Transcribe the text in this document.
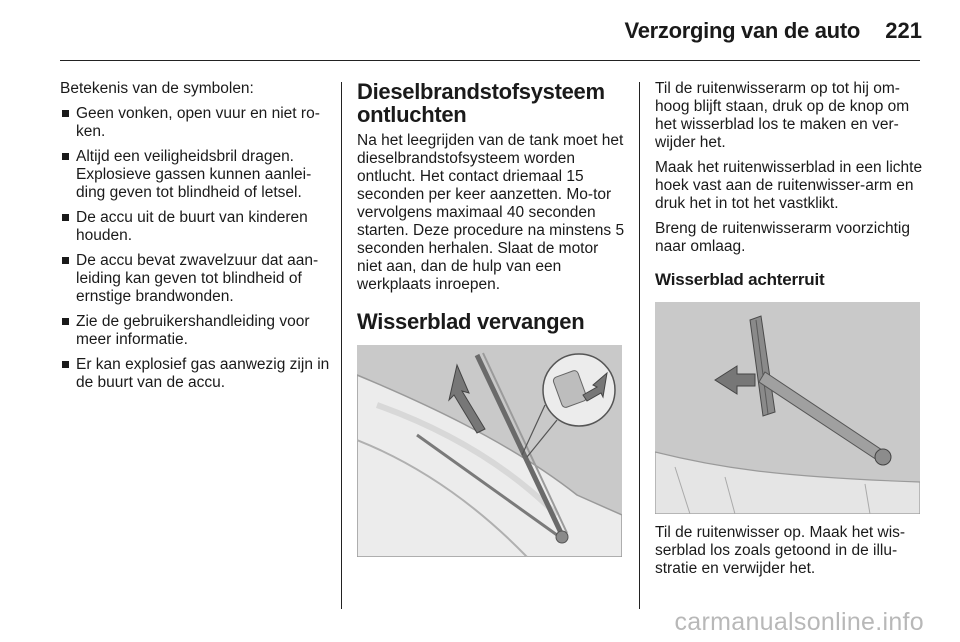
Verzorging van de auto	221

Betekenis van de symbolen:

Geen vonken, open vuur en niet ro-ken.
Altijd een veiligheidsbril dragen. Explosieve gassen kunnen aanlei-ding geven tot blindheid of letsel.
De accu uit de buurt van kinderen houden.
De accu bevat zwavelzuur dat aan-leiding kan geven tot blindheid of ernstige brandwonden.
Zie de gebruikershandleiding voor meer informatie.
Er kan explosief gas aanwezig zijn in de buurt van de accu.
Dieselbrandstofsysteem ontluchten

Na het leegrijden van de tank moet het dieselbrandstofsysteem worden ontlucht. Het contact driemaal 15 seconden per keer aanzetten. Mo-tor vervolgens maximaal 40 seconden starten. Deze procedure na minstens 5 seconden herhalen. Slaat de motor niet aan, dan de hulp van een werkplaats inroepen.

Wisserblad vervangen

Til de ruitenwisserarm op tot hij om-hoog blijft staan, druk op de knop om het wisserblad los te maken en ver-wijder het.

Maak het ruitenwisserblad in een lichte hoek vast aan de ruitenwisser-arm en druk het in tot het vastklikt.

Breng de ruitenwisserarm voorzichtig naar omlaag.

Wisserblad achterruit

Til de ruitenwisser op. Maak het wis-serblad los zoals getoond in de illu-stratie en verwijder het.

carmanualsonline.info
